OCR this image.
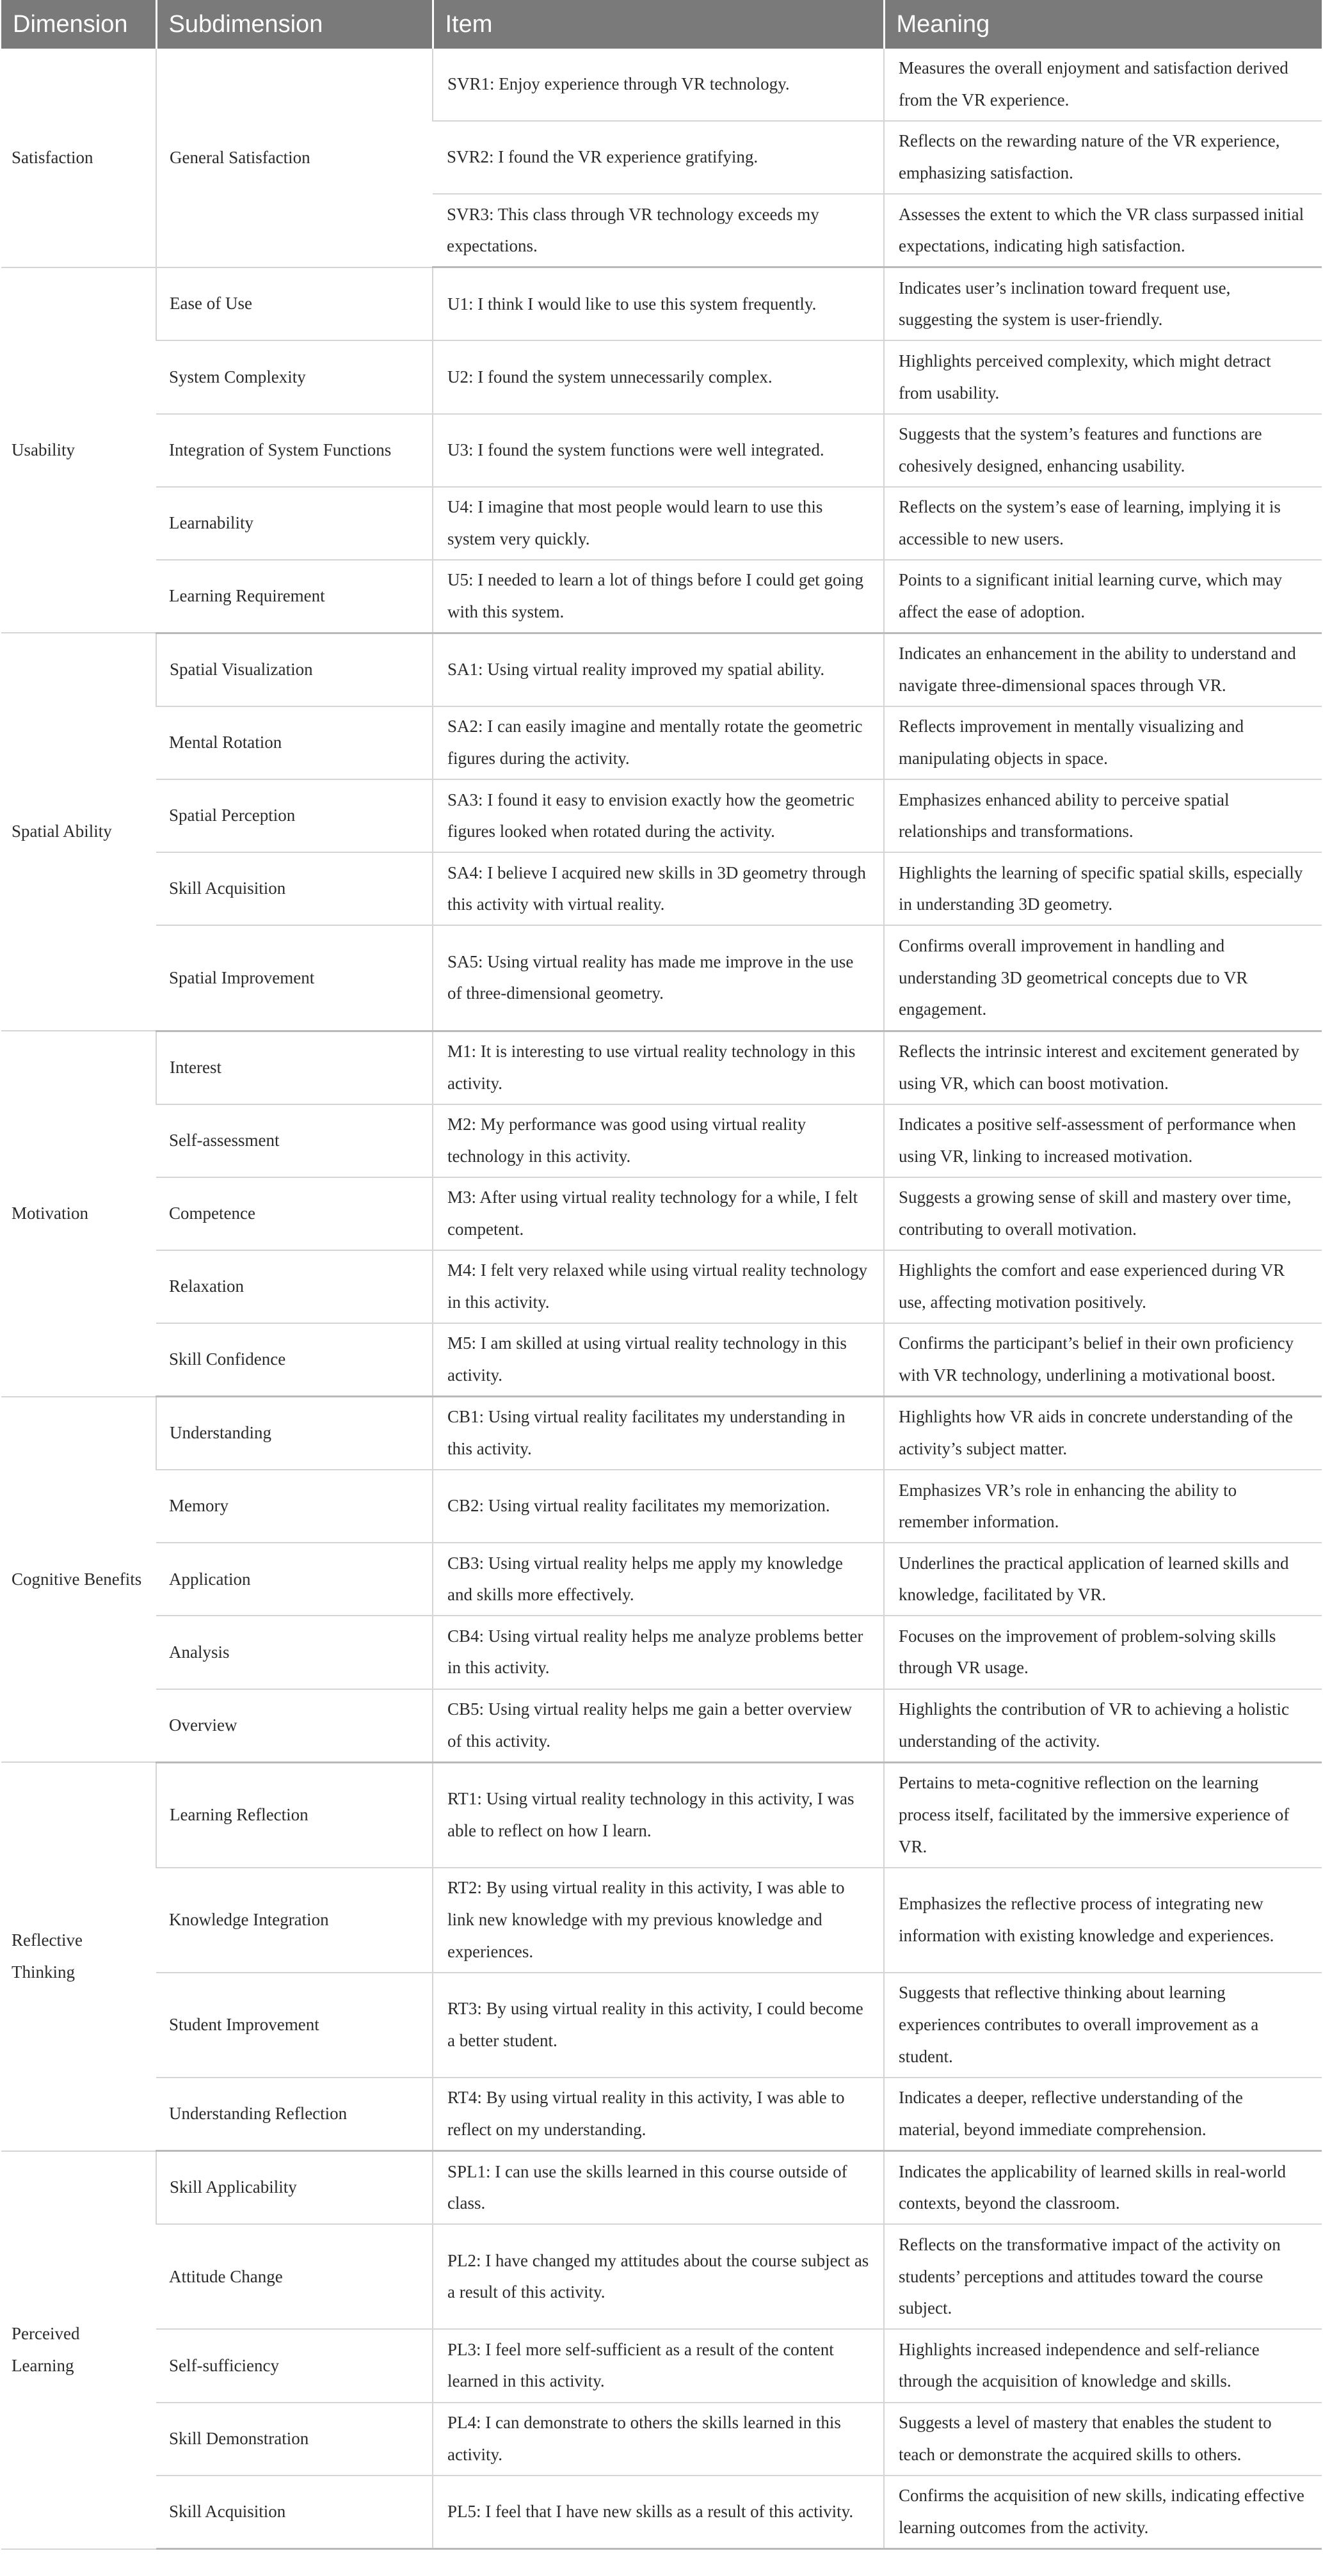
Dimension	Subdimension	Item	Meaning
Satisfaction	General Satisfaction	SVR1: Enjoy experience through VR technology.	Measures the overall enjoyment and satisfaction derived from the VR experience.
		SVR2: I found the VR experience gratifying.	Reflects on the rewarding nature of the VR experience, emphasizing satisfaction.
		SVR3: This class through VR technology exceeds my expectations.	Assesses the extent to which the VR class surpassed initial expectations, indicating high satisfaction.
Usability	Ease of Use	U1: I think I would like to use this system frequently.	Indicates user’s inclination toward frequent use, suggesting the system is user-friendly.
	System Complexity	U2: I found the system unnecessarily complex.	Highlights perceived complexity, which might detract from usability.
	Integration of System Functions	U3: I found the system functions were well integrated.	Suggests that the system’s features and functions are cohesively designed, enhancing usability.
	Learnability	U4: I imagine that most people would learn to use this system very quickly.	Reflects on the system’s ease of learning, implying it is accessible to new users.
	Learning Requirement	U5: I needed to learn a lot of things before I could get going with this system.	Points to a significant initial learning curve, which may affect the ease of adoption.
Spatial Ability	Spatial Visualization	SA1: Using virtual reality improved my spatial ability.	Indicates an enhancement in the ability to understand and navigate three-dimensional spaces through VR.
	Mental Rotation	SA2: I can easily imagine and mentally rotate the geometric figures during the activity.	Reflects improvement in mentally visualizing and manipulating objects in space.
	Spatial Perception	SA3: I found it easy to envision exactly how the geometric figures looked when rotated during the activity.	Emphasizes enhanced ability to perceive spatial relationships and transformations.
	Skill Acquisition	SA4: I believe I acquired new skills in 3D geometry through this activity with virtual reality.	Highlights the learning of specific spatial skills, especially in understanding 3D geometry.
	Spatial Improvement	SA5: Using virtual reality has made me improve in the use of three-dimensional geometry.	Confirms overall improvement in handling and understanding 3D geometrical concepts due to VR engagement.
Motivation	Interest	M1: It is interesting to use virtual reality technology in this activity.	Reflects the intrinsic interest and excitement generated by using VR, which can boost motivation.
	Self-assessment	M2: My performance was good using virtual reality technology in this activity.	Indicates a positive self-assessment of performance when using VR, linking to increased motivation.
	Competence	M3: After using virtual reality technology for a while, I felt competent.	Suggests a growing sense of skill and mastery over time, contributing to overall motivation.
	Relaxation	M4: I felt very relaxed while using virtual reality technology in this activity.	Highlights the comfort and ease experienced during VR use, affecting motivation positively.
	Skill Confidence	M5: I am skilled at using virtual reality technology in this activity.	Confirms the participant’s belief in their own proficiency with VR technology, underlining a motivational boost.
Cognitive Benefits	Understanding	CB1: Using virtual reality facilitates my understanding in this activity.	Highlights how VR aids in concrete understanding of the activity’s subject matter.
	Memory	CB2: Using virtual reality facilitates my memorization.	Emphasizes VR’s role in enhancing the ability to remember information.
	Application	CB3: Using virtual reality helps me apply my knowledge and skills more effectively.	Underlines the practical application of learned skills and knowledge, facilitated by VR.
	Analysis	CB4: Using virtual reality helps me analyze problems better in this activity.	Focuses on the improvement of problem-solving skills through VR usage.
	Overview	CB5: Using virtual reality helps me gain a better overview of this activity.	Highlights the contribution of VR to achieving a holistic understanding of the activity.
Reflective Thinking	Learning Reflection	RT1: Using virtual reality technology in this activity, I was able to reflect on how I learn.	Pertains to meta-cognitive reflection on the learning process itself, facilitated by the immersive experience of VR.
	Knowledge Integration	RT2: By using virtual reality in this activity, I was able to link new knowledge with my previous knowledge and experiences.	Emphasizes the reflective process of integrating new information with existing knowledge and experiences.
	Student Improvement	RT3: By using virtual reality in this activity, I could become a better student.	Suggests that reflective thinking about learning experiences contributes to overall improvement as a student.
	Understanding Reflection	RT4: By using virtual reality in this activity, I was able to reflect on my understanding.	Indicates a deeper, reflective understanding of the material, beyond immediate comprehension.
Perceived Learning	Skill Applicability	SPL1: I can use the skills learned in this course outside of class.	Indicates the applicability of learned skills in real-world contexts, beyond the classroom.
	Attitude Change	PL2: I have changed my attitudes about the course subject as a result of this activity.	Reflects on the transformative impact of the activity on students’ perceptions and attitudes toward the course subject.
	Self-sufficiency	PL3: I feel more self-sufficient as a result of the content learned in this activity.	Highlights increased independence and self-reliance through the acquisition of knowledge and skills.
	Skill Demonstration	PL4: I can demonstrate to others the skills learned in this activity.	Suggests a level of mastery that enables the student to teach or demonstrate the acquired skills to others.
	Skill Acquisition	PL5: I feel that I have new skills as a result of this activity.	Confirms the acquisition of new skills, indicating effective learning outcomes from the activity.
